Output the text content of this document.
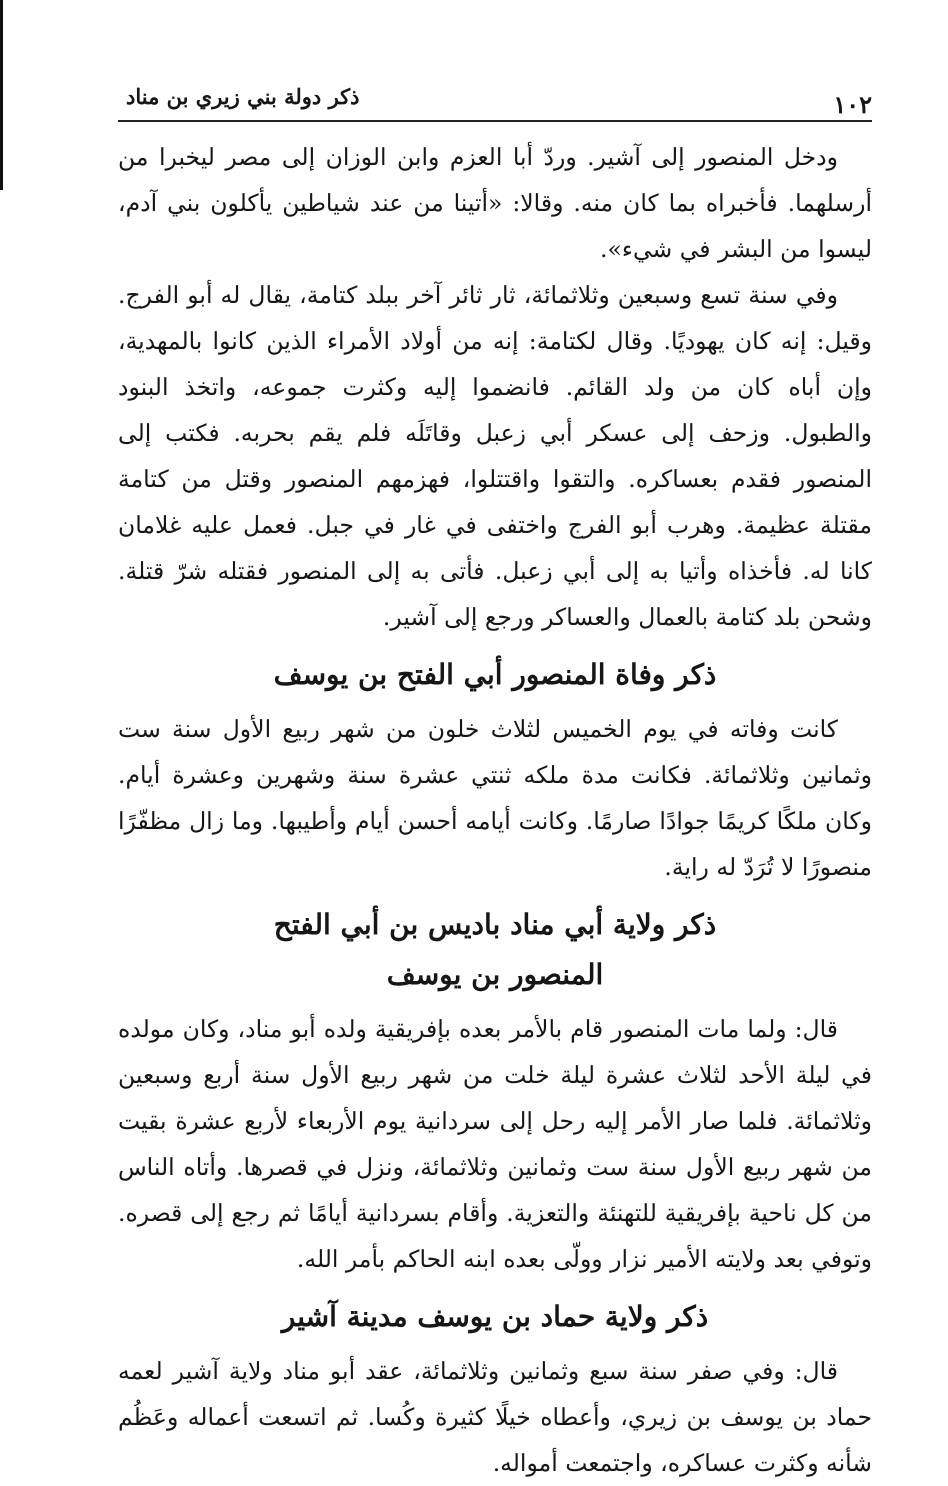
١٠٢
ذكر دولة بني زيري بن مناد

ودخل المنصور إلى آشير. وردّ أبا العزم وابن الوزان إلى مصر ليخبرا من أرسلهما. فأخبراه بما كان منه. وقالا: «أتينا من عند شياطين يأكلون بني آدم، ليسوا من البشر في شيء».

وفي سنة تسع وسبعين وثلاثمائة، ثار ثائر آخر ببلد كتامة، يقال له أبو الفرج. وقيل: إنه كان يهوديًا. وقال لكتامة: إنه من أولاد الأمراء الذين كانوا بالمهدية، وإن أباه كان من ولد القائم. فانضموا إليه وكثرت جموعه، واتخذ البنود والطبول. وزحف إلى عسكر أبي زعبل وقاتَلَه فلم يقم بحربه. فكتب إلى المنصور فقدم بعساكره. والتقوا واقتتلوا، فهزمهم المنصور وقتل من كتامة مقتلة عظيمة. وهرب أبو الفرج واختفى في غار في جبل. فعمل عليه غلامان كانا له. فأخذاه وأتيا به إلى أبي زعبل. فأتى به إلى المنصور فقتله شرّ قتلة. وشحن بلد كتامة بالعمال والعساكر ورجع إلى آشير.

ذكر وفاة المنصور أبي الفتح بن يوسف

كانت وفاته في يوم الخميس لثلاث خلون من شهر ربيع الأول سنة ست وثمانين وثلاثمائة. فكانت مدة ملكه ثنتي عشرة سنة وشهرين وعشرة أيام. وكان ملكًا كريمًا جوادًا صارمًا. وكانت أيامه أحسن أيام وأطيبها. وما زال مظفّرًا منصورًا لا تُرَدّ له راية.

ذكر ولاية أبي مناد باديس بن أبي الفتح
المنصور بن يوسف

قال: ولما مات المنصور قام بالأمر بعده بإفريقية ولده أبو مناد، وكان مولده في ليلة الأحد لثلاث عشرة ليلة خلت من شهر ربيع الأول سنة أربع وسبعين وثلاثمائة. فلما صار الأمر إليه رحل إلى سردانية يوم الأربعاء لأربع عشرة بقيت من شهر ربيع الأول سنة ست وثمانين وثلاثمائة، ونزل في قصرها. وأتاه الناس من كل ناحية بإفريقية للتهنئة والتعزية. وأقام بسردانية أيامًا ثم رجع إلى قصره. وتوفي بعد ولايته الأمير نزار وولّى بعده ابنه الحاكم بأمر الله.

ذكر ولاية حماد بن يوسف مدينة آشير

قال: وفي صفر سنة سبع وثمانين وثلاثمائة، عقد أبو مناد ولاية آشير لعمه حماد بن يوسف بن زيري، وأعطاه خيلًا كثيرة وكُسا. ثم اتسعت أعماله وعَظُم شأنه وكثرت عساكره، واجتمعت أمواله.
